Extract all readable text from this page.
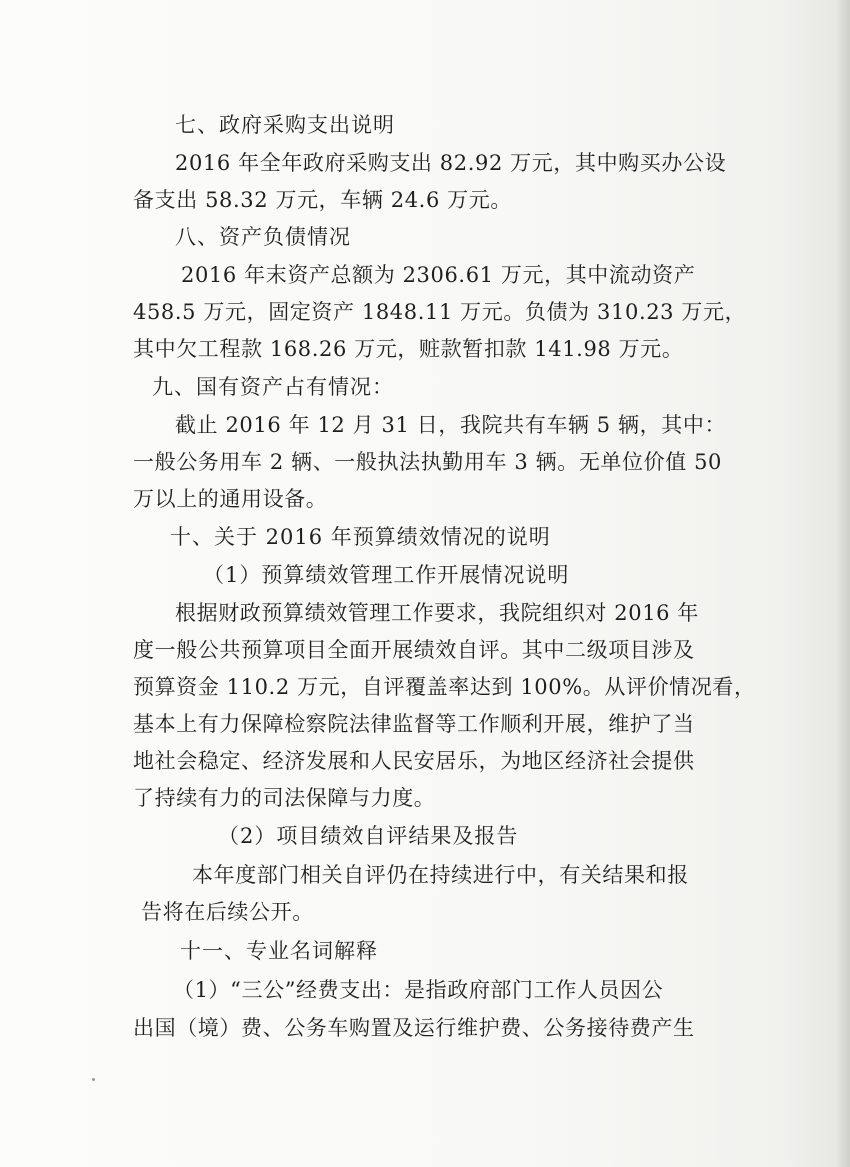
七、政府采购支出说明
2016 年全年政府采购支出 82.92 万元，其中购买办公设
备支出 58.32 万元，车辆 24.6 万元。
八、资产负债情况
2016 年末资产总额为 2306.61 万元，其中流动资产
458.5 万元，固定资产 1848.11 万元。负债为 310.23 万元，
其中欠工程款 168.26 万元，赃款暂扣款 141.98 万元。
九、国有资产占有情况：
截止 2016 年 12 月 31 日，我院共有车辆 5 辆，其中：
一般公务用车 2 辆、一般执法执勤用车 3 辆。无单位价值 50
万以上的通用设备。
十、关于 2016 年预算绩效情况的说明
（1）预算绩效管理工作开展情况说明
根据财政预算绩效管理工作要求，我院组织对 2016 年
度一般公共预算项目全面开展绩效自评。其中二级项目涉及
预算资金 110.2 万元，自评覆盖率达到 100%。从评价情况看，
基本上有力保障检察院法律监督等工作顺利开展，维护了当
地社会稳定、经济发展和人民安居乐，为地区经济社会提供
了持续有力的司法保障与力度。
（2）项目绩效自评结果及报告
本年度部门相关自评仍在持续进行中，有关结果和报
告将在后续公开。
十一、专业名词解释
（1）“三公”经费支出：是指政府部门工作人员因公
出国（境）费、公务车购置及运行维护费、公务接待费产生
